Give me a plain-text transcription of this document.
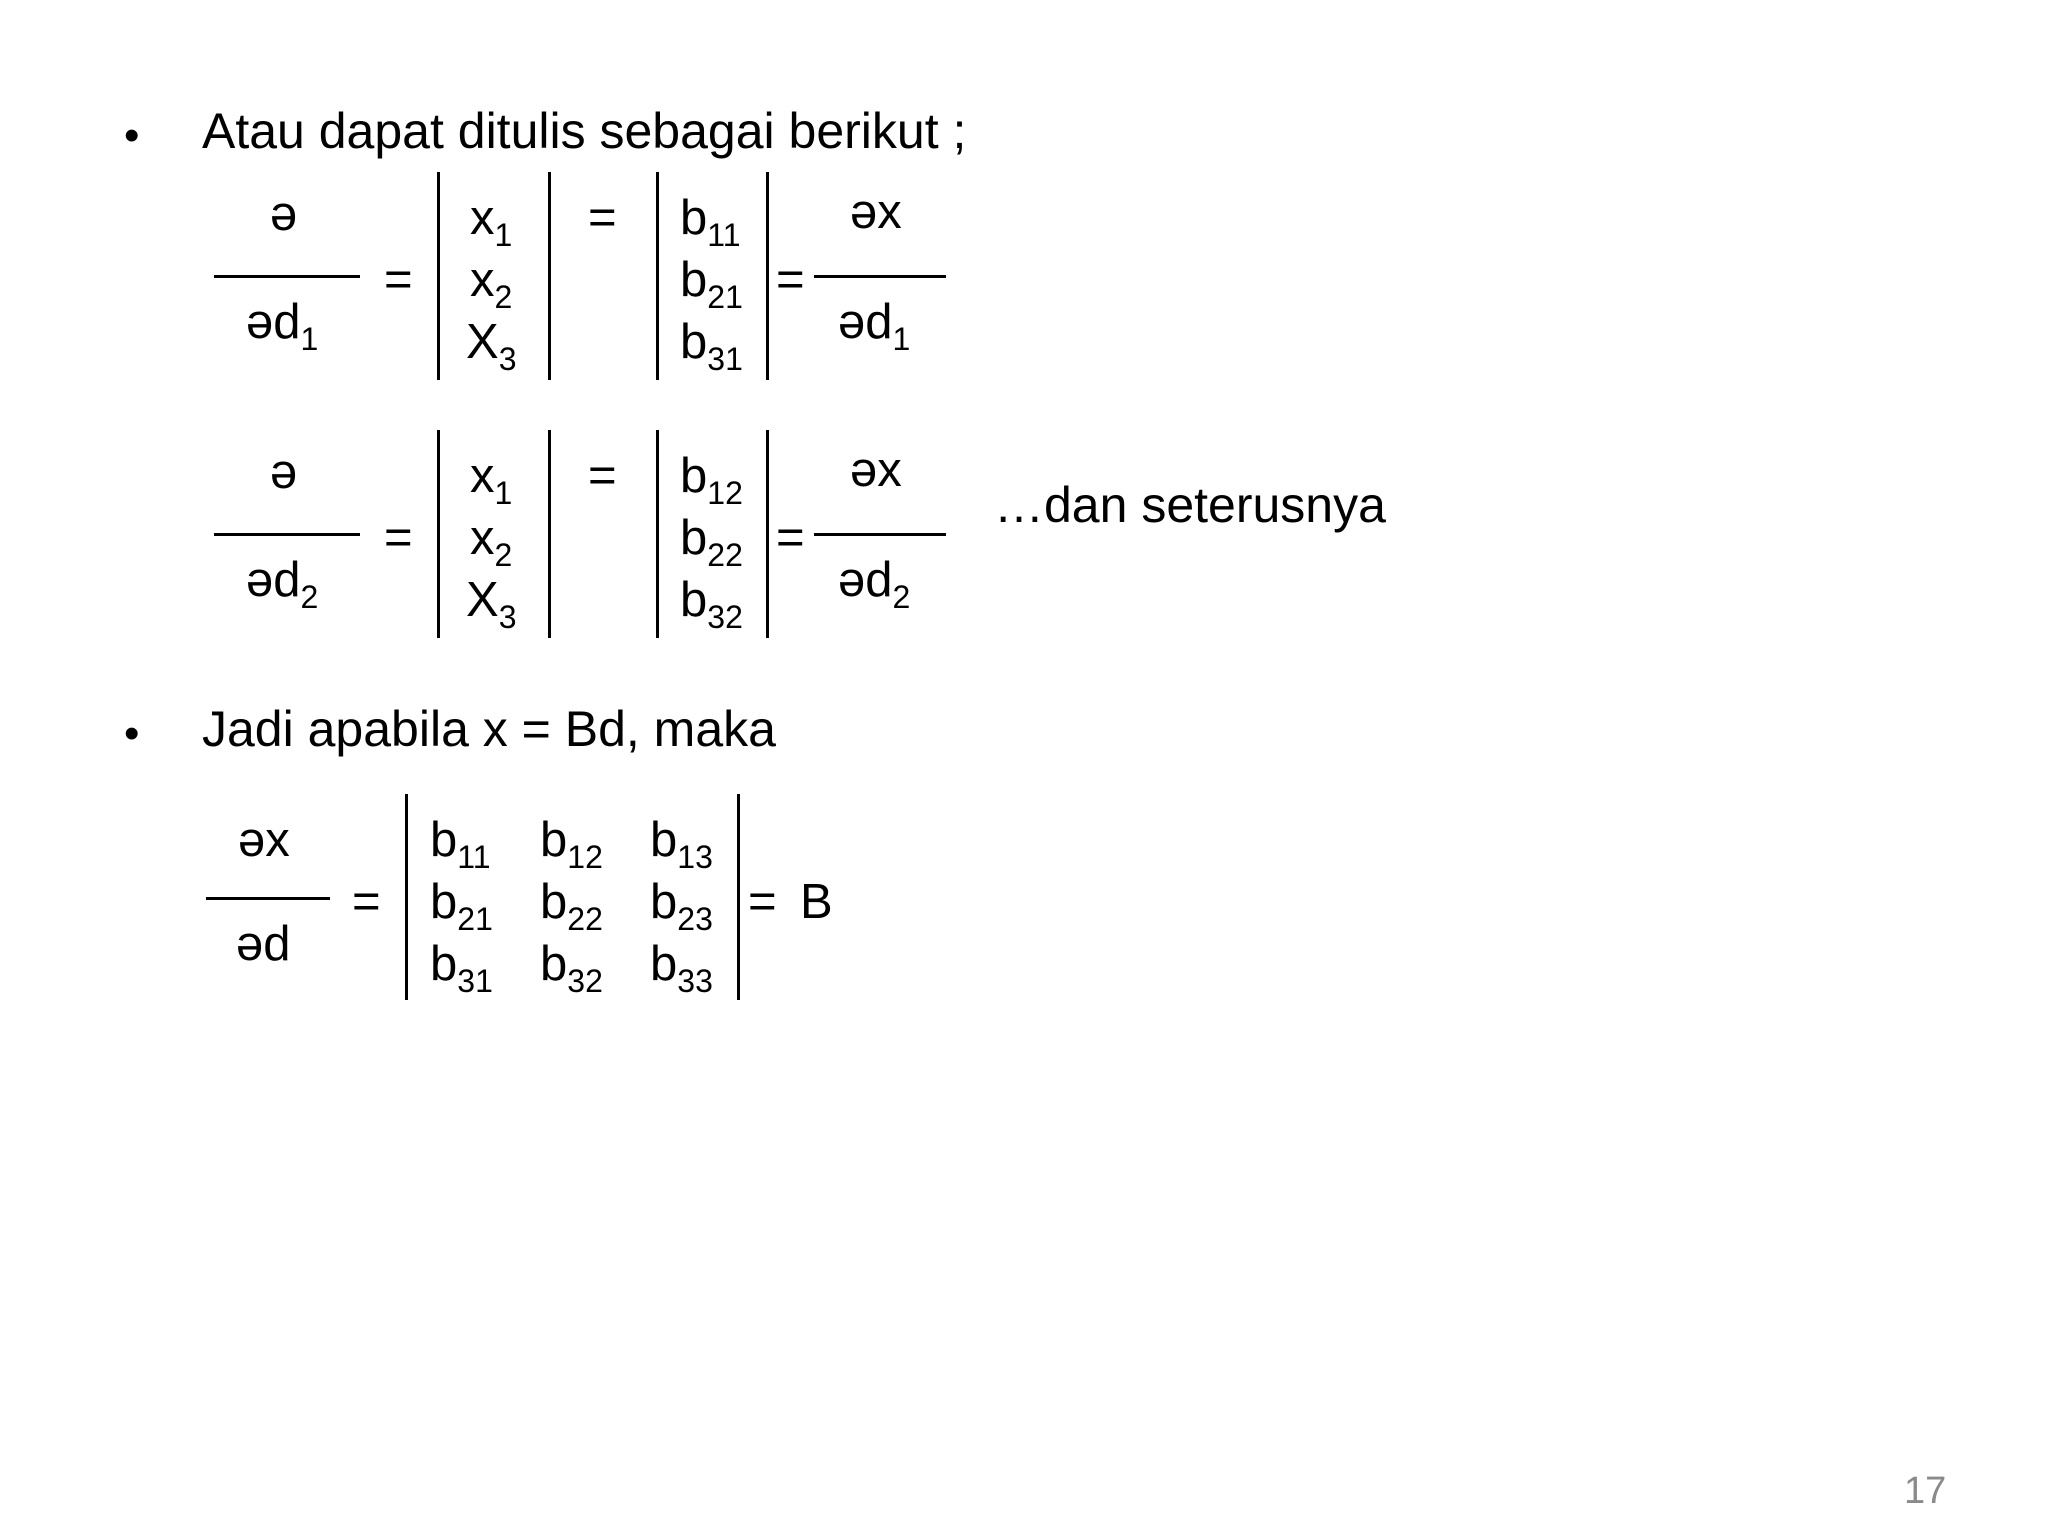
• Atau dapat ditulis sebagai berikut ;
ə
əd$_1$
=
$x_1$
$x_2$
$X_3$
= $b_{11}$
$b_{21}$
$b_{31}$
=
əx
əd$_1$
ə
əd$_2$
=
$x_1$
$x_2$
$X_3$
= $b_{12}$
$b_{22}$
$b_{32}$
=
əx
əd$_2$
…dan seterusnya
• Jadi apabila x = Bd, maka
əx
əd
=
$b_{11}$ $b_{12}$ $b_{13}$
$b_{21}$ $b_{22}$ $b_{23}$
$b_{31}$ $b_{32}$ $b_{33}$
= B
17
